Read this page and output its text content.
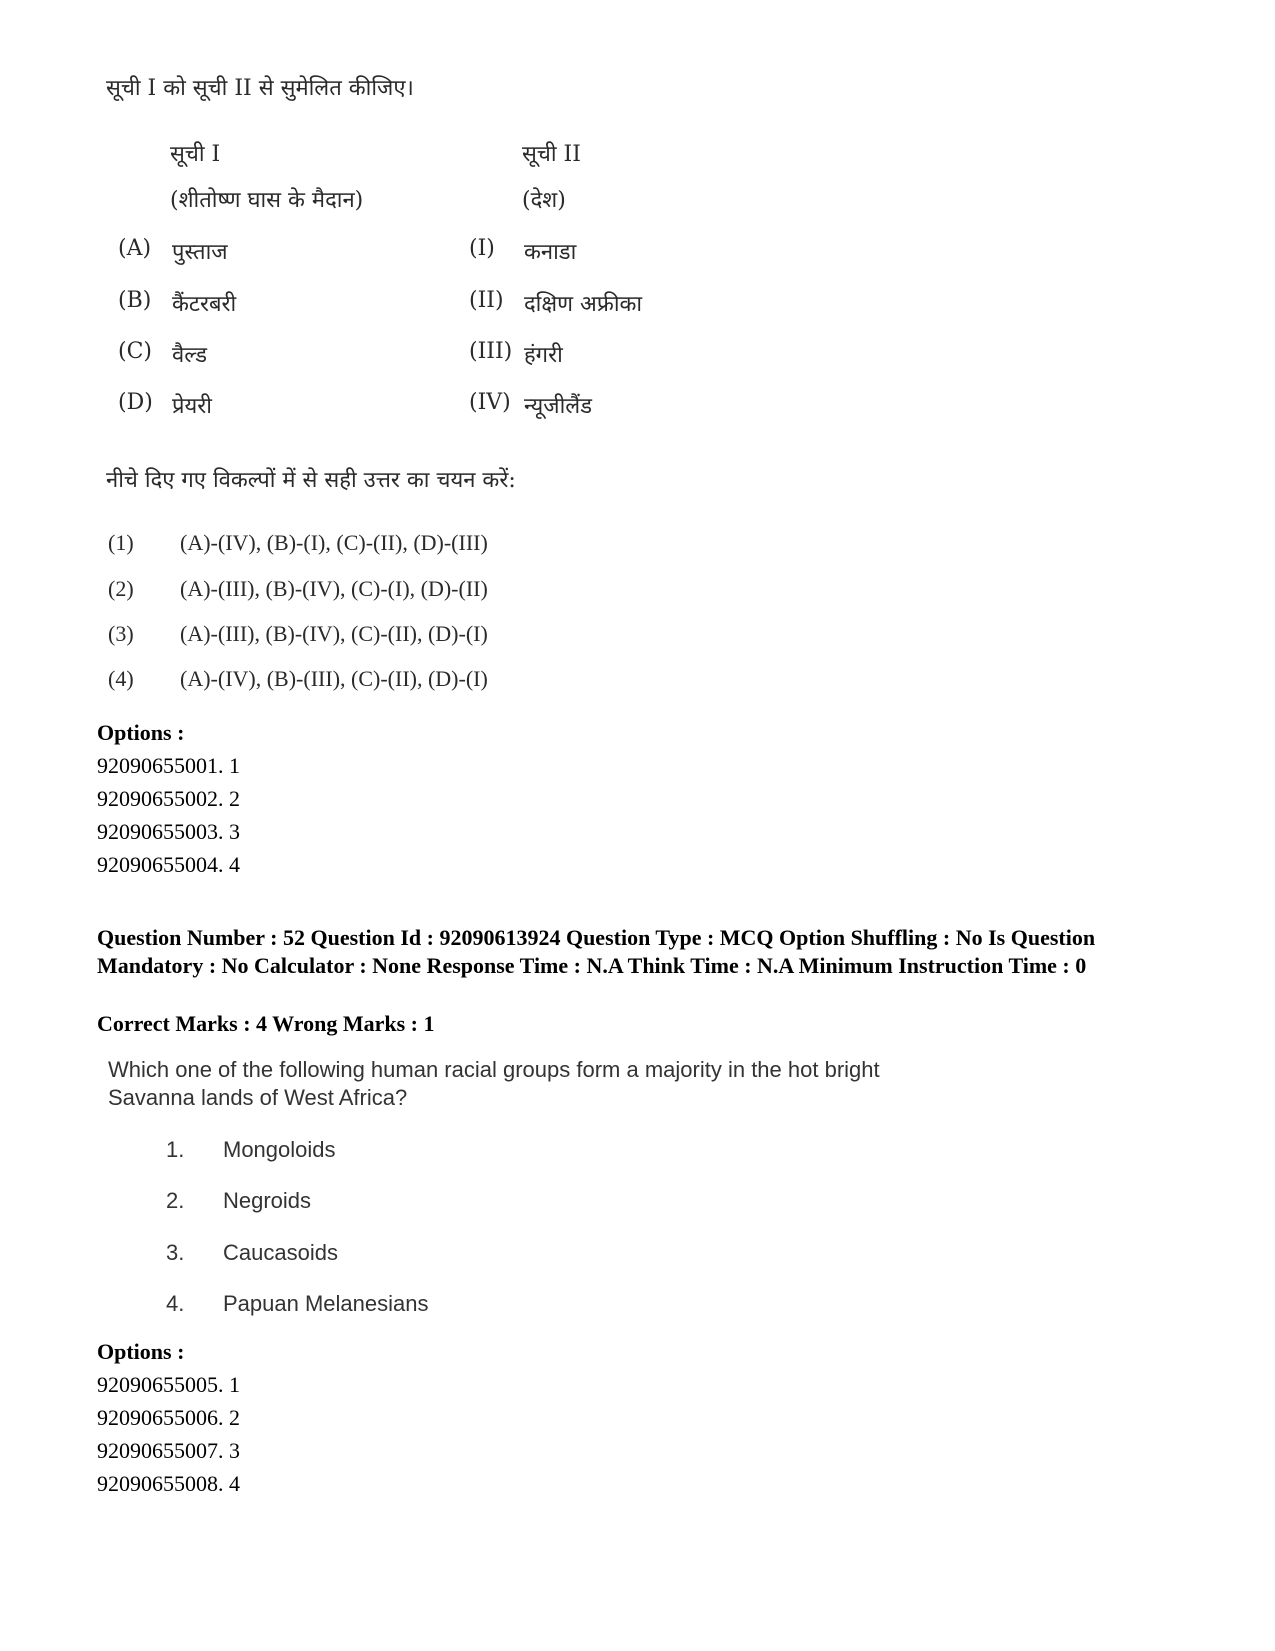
सूची I को सूची II से सुमेलित कीजिए।
सूची I
(शीतोष्ण घास के मैदान)
सूची II
(देश)
(A) पुस्ताज
(B) कैंटरबरी
(C) वैल्ड
(D) प्रेयरी
(I) कनाडा
(II) दक्षिण अफ्रीका
(III) हंगरी
(IV) न्यूजीलैंड
नीचे दिए गए विकल्पों में से सही उत्तर का चयन करें:
(1) (A)-(IV), (B)-(I), (C)-(II), (D)-(III)
(2) (A)-(III), (B)-(IV), (C)-(I), (D)-(II)
(3) (A)-(III), (B)-(IV), (C)-(II), (D)-(I)
(4) (A)-(IV), (B)-(III), (C)-(II), (D)-(I)
Options :
92090655001. 1
92090655002. 2
92090655003. 3
92090655004. 4
Question Number : 52 Question Id : 92090613924 Question Type : MCQ Option Shuffling : No Is Question Mandatory : No Calculator : None Response Time : N.A Think Time : N.A Minimum Instruction Time : 0
Correct Marks : 4 Wrong Marks : 1
Which one of the following human racial groups form a majority in the hot bright
Savanna lands of West Africa?
1. Mongoloids
2. Negroids
3. Caucasoids
4. Papuan Melanesians
Options :
92090655005. 1
92090655006. 2
92090655007. 3
92090655008. 4
